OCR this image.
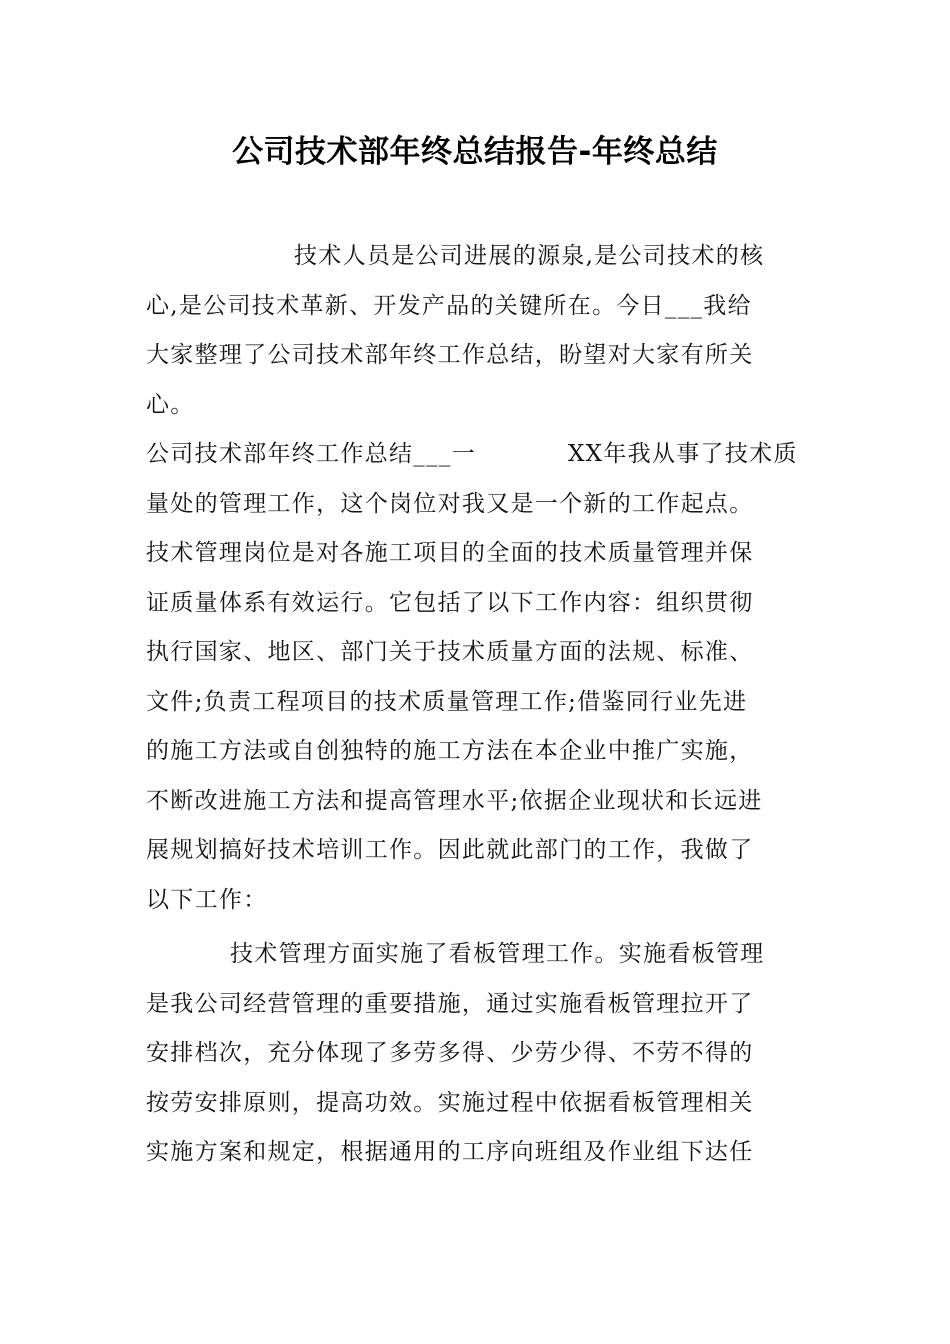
公司技术部年终总结报告-年终总结
技术人员是公司进展的源泉,是公司技术的核
心,是公司技术革新、开发产品的关键所在。今日___我给
大家整理了公司技术部年终工作总结，盼望对大家有所关
心。
公司技术部年终工作总结___一	XX年我从事了技术质
量处的管理工作，这个岗位对我又是一个新的工作起点。
技术管理岗位是对各施工项目的全面的技术质量管理并保
证质量体系有效运行。它包括了以下工作内容：组织贯彻
执行国家、地区、部门关于技术质量方面的法规、标准、
文件;负责工程项目的技术质量管理工作;借鉴同行业先进
的施工方法或自创独特的施工方法在本企业中推广实施，
不断改进施工方法和提高管理水平;依据企业现状和长远进
展规划搞好技术培训工作。因此就此部门的工作，我做了
以下工作：
技术管理方面实施了看板管理工作。实施看板管理
是我公司经营管理的重要措施，通过实施看板管理拉开了
安排档次，充分体现了多劳多得、少劳少得、不劳不得的
按劳安排原则，提高功效。实施过程中依据看板管理相关
实施方案和规定，根据通用的工序向班组及作业组下达任
